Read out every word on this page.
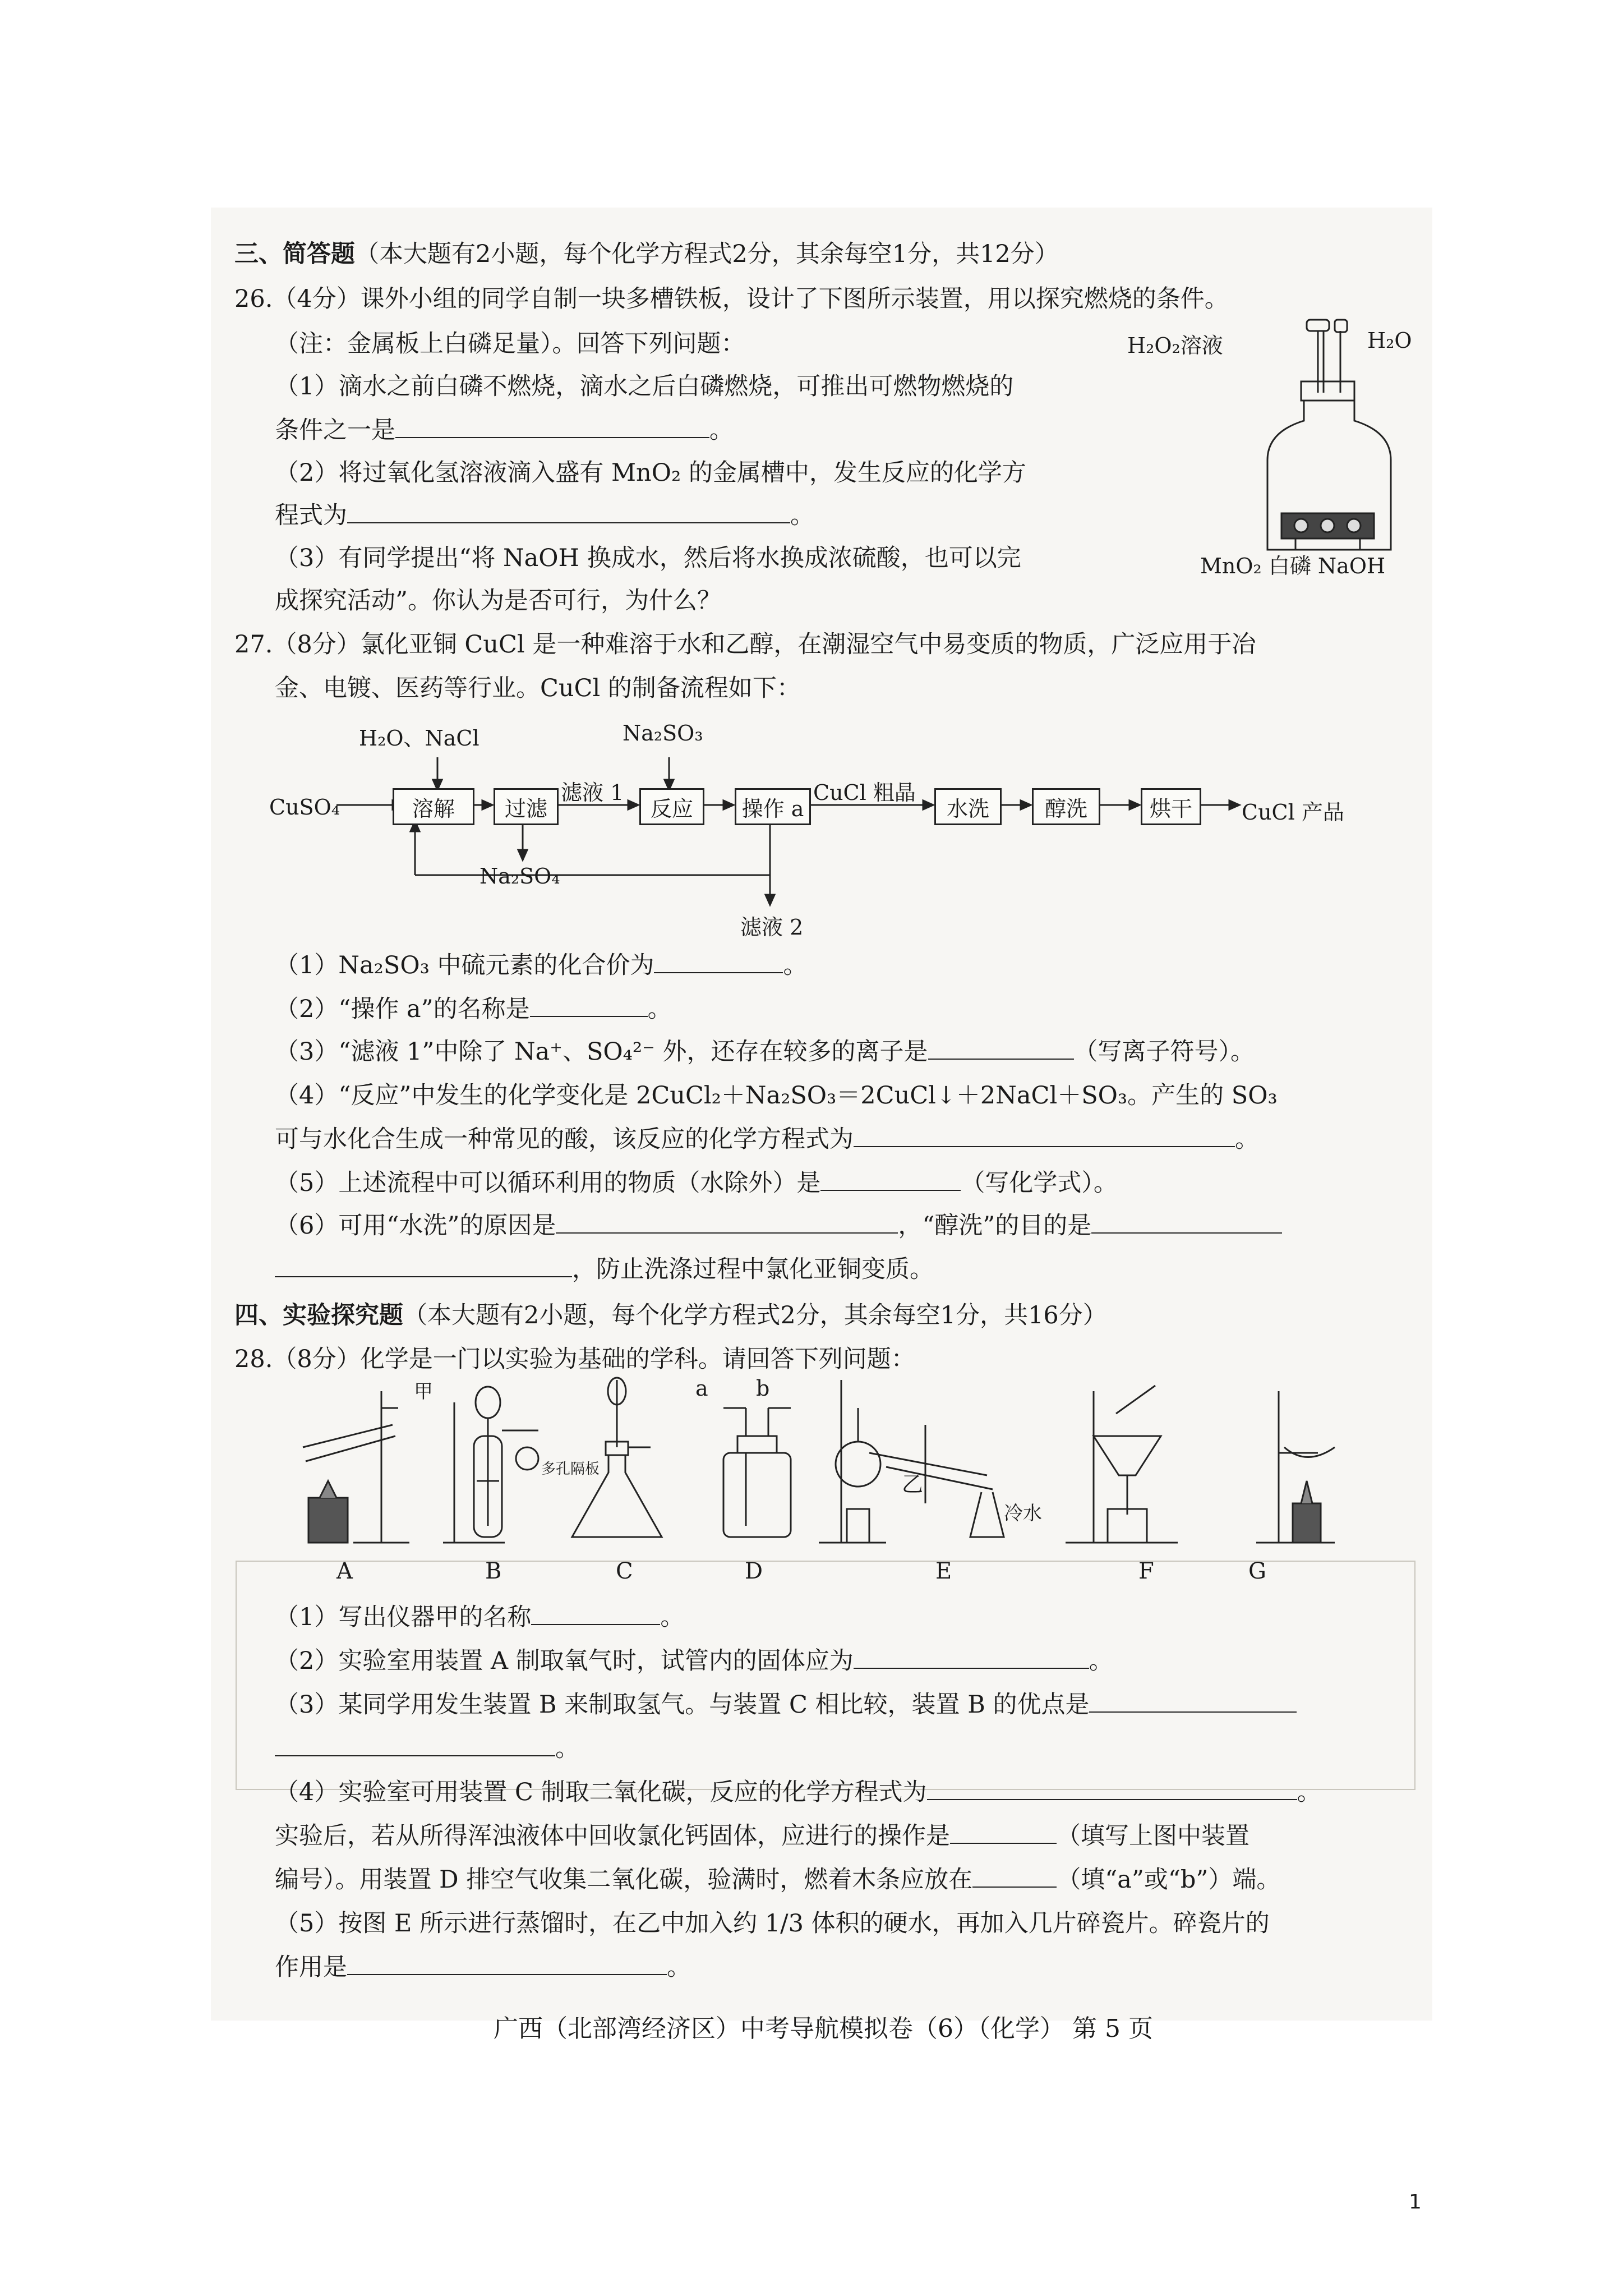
三、简答题（本大题有2小题，每个化学方程式2分，其余每空1分，共12分）
26.（4分）课外小组的同学自制一块多槽铁板，设计了下图所示装置，用以探究燃烧的条件。
（注：金属板上白磷足量）。回答下列问题：
（1）滴水之前白磷不燃烧，滴水之后白磷燃烧，可推出可燃物燃烧的
条件之一是	。
（2）将过氧化氢溶液滴入盛有 MnO₂ 的金属槽中，发生反应的化学方
程式为	。
（3）有同学提出“将 NaOH 换成水，然后将水换成浓硫酸，也可以完
成探究活动”。你认为是否可行，为什么？
H₂O₂溶液	H₂O
MnO₂ 白磷 NaOH
27.（8分）氯化亚铜 CuCl 是一种难溶于水和乙醇，在潮湿空气中易变质的物质，广泛应用于冶
金、电镀、医药等行业。CuCl 的制备流程如下：
CuSO₄
H₂O、NaCl	Na₂SO₃
溶解	过滤
滤液 1
反应	操作 a
CuCl 粗晶
水洗	醇洗	烘干	CuCl 产品
Na₂SO₄
滤液 2
（1）Na₂SO₃ 中硫元素的化合价为	。
（2）“操作 a”的名称是	。
（3）“滤液 1”中除了 Na⁺、SO₄²⁻ 外，还存在较多的离子是	（写离子符号）。
（4）“反应”中发生的化学变化是 2CuCl₂＋Na₂SO₃＝2CuCl↓＋2NaCl＋SO₃。产生的 SO₃
可与水化合生成一种常见的酸，该反应的化学方程式为	。
（5）上述流程中可以循环利用的物质（水除外）是	（写化学式）。
（6）可用“水洗”的原因是	，“醇洗”的目的是
，防止洗涤过程中氯化亚铜变质。
四、实验探究题（本大题有2小题，每个化学方程式2分，其余每空1分，共16分）
28.（8分）化学是一门以实验为基础的学科。请回答下列问题：
甲
多孔隔板
a b
乙
冷水
A	B	C	D	E	F	G
（1）写出仪器甲的名称	。
（2）实验室用装置 A 制取氧气时，试管内的固体应为	。
（3）某同学用发生装置 B 来制取氢气。与装置 C 相比较，装置 B 的优点是
。
（4）实验室可用装置 C 制取二氧化碳，反应的化学方程式为	。
实验后，若从所得浑浊液体中回收氯化钙固体，应进行的操作是	（填写上图中装置
编号）。用装置 D 排空气收集二氧化碳，验满时，燃着木条应放在	（填“a”或“b”）端。
（5）按图 E 所示进行蒸馏时，在乙中加入约 1/3 体积的硬水，再加入几片碎瓷片。碎瓷片的
作用是	。
广西（北部湾经济区）中考导航模拟卷（6）（化学） 第 5 页
1
